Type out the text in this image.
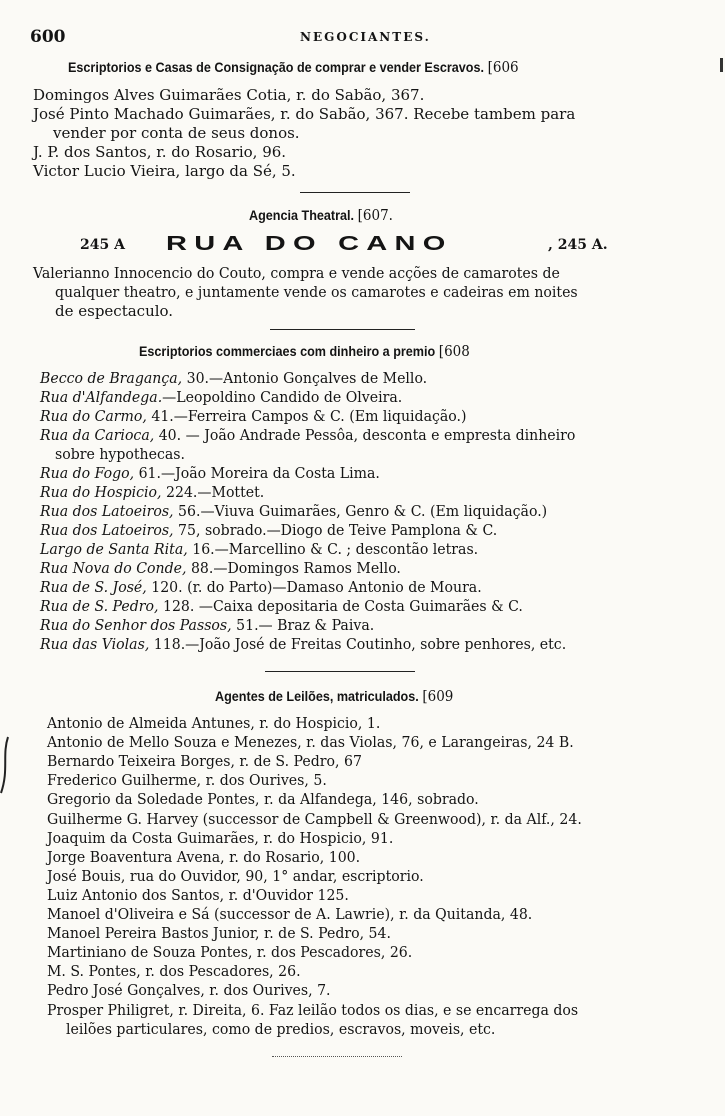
600	NEGOCIANTES.
Escriptorios e Casas de Consignação de comprar e vender Escravos. [606
Domingos Alves Guimarães Cotia, r. do Sabão, 367.
José Pinto Machado Guimarães, r. do Sabão, 367. Recebe tambem para
vender por conta de seus donos.
J. P. dos Santos, r. do Rosario, 96.
Victor Lucio Vieira, largo da Sé, 5.
Agencia Theatral. [607.
245 A RUA DO CANO	, 245 A.
Valerianno Innocencio do Couto, compra e vende acções de camarotes de
qualquer theatro, e juntamente vende os camarotes e cadeiras em noites
de espectaculo.
Escriptorios commerciaes com dinheiro a premio [608
Becco de Bragança, 30.—Antonio Gonçalves de Mello.
Rua d'Alfandega.—Leopoldino Candido de Olveira.
Rua do Carmo, 41.—Ferreira Campos & C. (Em liquidação.)
Rua da Carioca, 40. — João Andrade Pessôa, desconta e empresta dinheiro
sobre hypothecas.
Rua do Fogo, 61.—João Moreira da Costa Lima.
Rua do Hospicio, 224.—Mottet.
Rua dos Latoeiros, 56.—Viuva Guimarães, Genro & C. (Em liquidação.)
Rua dos Latoeiros, 75, sobrado.—Diogo de Teive Pamplona & C.
Largo de Santa Rita, 16.—Marcellino & C. ; descontão letras.
Rua Nova do Conde, 88.—Domingos Ramos Mello.
Rua de S. José, 120. (r. do Parto)—Damaso Antonio de Moura.
Rua de S. Pedro, 128. —Caixa depositaria de Costa Guimarães & C.
Rua do Senhor dos Passos, 51.— Braz & Paiva.
Rua das Violas, 118.—João José de Freitas Coutinho, sobre penhores, etc.
Agentes de Leilões, matriculados. [609
Antonio de Almeida Antunes, r. do Hospicio, 1.
Antonio de Mello Souza e Menezes, r. das Violas, 76, e Larangeiras, 24 B.
Bernardo Teixeira Borges, r. de S. Pedro, 67
Frederico Guilherme, r. dos Ourives, 5.
Gregorio da Soledade Pontes, r. da Alfandega, 146, sobrado.
Guilherme G. Harvey (successor de Campbell & Greenwood), r. da Alf., 24.
Joaquim da Costa Guimarães, r. do Hospicio, 91.
Jorge Boaventura Avena, r. do Rosario, 100.
José Bouis, rua do Ouvidor, 90, 1° andar, escriptorio.
Luiz Antonio dos Santos, r. d'Ouvidor 125.
Manoel d'Oliveira e Sá (successor de A. Lawrie), r. da Quitanda, 48.
Manoel Pereira Bastos Junior, r. de S. Pedro, 54.
Martiniano de Souza Pontes, r. dos Pescadores, 26.
M. S. Pontes, r. dos Pescadores, 26.
Pedro José Gonçalves, r. dos Ourives, 7.
Prosper Philigret, r. Direita, 6. Faz leilão todos os dias, e se encarrega dos
leilões particulares, como de predios, escravos, moveis, etc.
